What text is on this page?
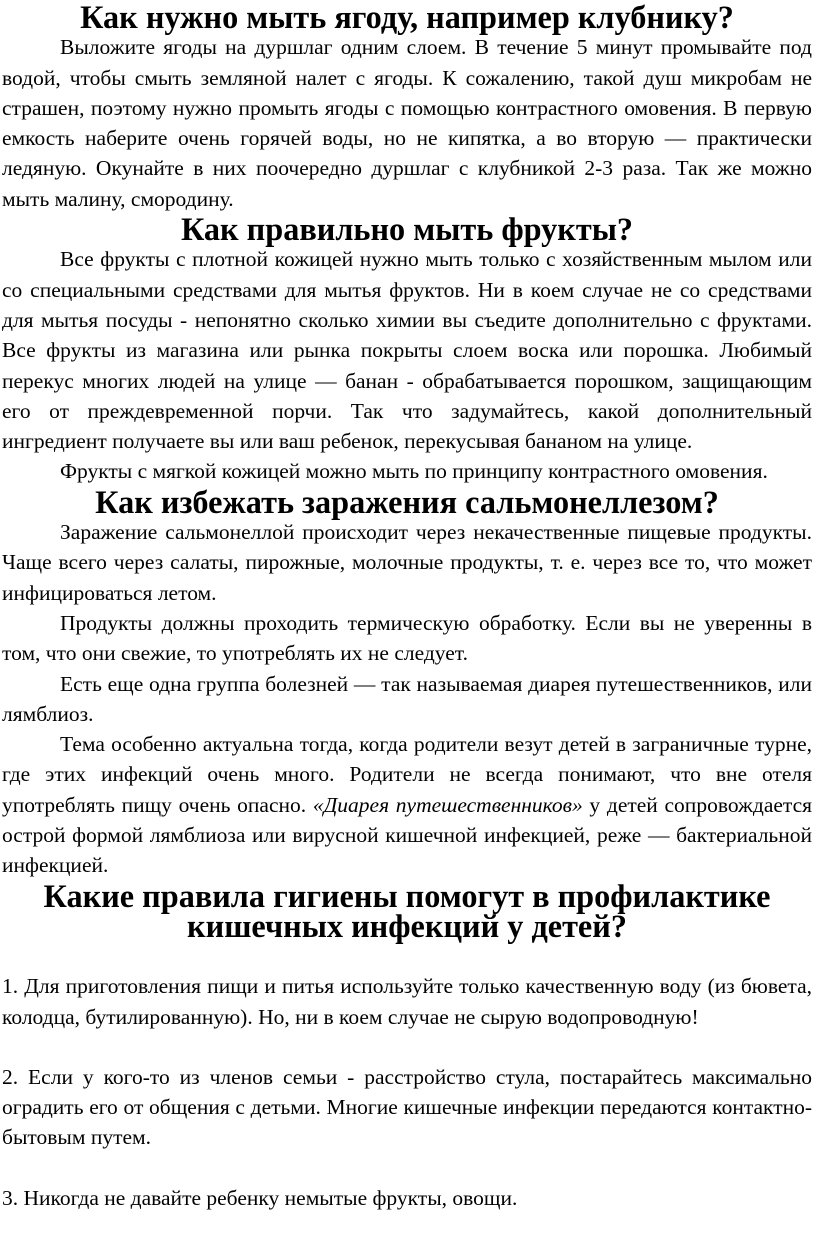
Как нужно мыть ягоду, например клубнику?

Выложите ягоды на дуршлаг одним слоем. В течение 5 минут промывайте под водой, чтобы смыть земляной налет с ягоды. К сожалению, такой душ микробам не страшен, поэтому нужно промыть ягоды с помощью контрастного омовения. В первую емкость наберите очень горячей воды, но не кипятка, а во вторую — практически ледяную. Окунайте в них поочередно дуршлаг с клубникой 2-3 раза. Так же можно мыть малину, смородину.

Как правильно мыть фрукты?

Все фрукты с плотной кожицей нужно мыть только с хозяйственным мылом или со специальными средствами для мытья фруктов. Ни в коем случае не со средствами для мытья посуды - непонятно сколько химии вы съедите дополнительно с фруктами. Все фрукты из магазина или рынка покрыты слоем воска или порошка. Любимый перекус многих людей на улице — банан - обрабатывается порошком, защищающим его от преждевременной порчи. Так что задумайтесь, какой дополнительный ингредиент получаете вы или ваш ребенок, перекусывая бананом на улице.

Фрукты с мягкой кожицей можно мыть по принципу контрастного омовения.

Как избежать заражения сальмонеллезом?

Заражение сальмонеллой происходит через некачественные пищевые продукты. Чаще всего через салаты, пирожные, молочные продукты, т. е. через все то, что может инфицироваться летом.

Продукты должны проходить термическую обработку. Если вы не уверенны в том, что они свежие, то употреблять их не следует.

Есть еще одна группа болезней — так называемая диарея путешественников, или лямблиоз.

Тема особенно актуальна тогда, когда родители везут детей в заграничные турне, где этих инфекций очень много. Родители не всегда понимают, что вне отеля употреблять пищу очень опасно. «Диарея путешественников» у детей сопровождается острой формой лямблиоза или вирусной кишечной инфекцией, реже — бактериальной инфекцией.

Какие правила гигиены помогут в профилактике кишечных инфекций у детей?

1. Для приготовления пищи и питья используйте только качественную воду (из бювета, колодца, бутилированную). Но, ни в коем случае не сырую водопроводную!

2. Если у кого-то из членов семьи - расстройство стула, постарайтесь максимально оградить его от общения с детьми. Многие кишечные инфекции передаются контактно-бытовым путем.

3. Никогда не давайте ребенку немытые фрукты, овощи.
